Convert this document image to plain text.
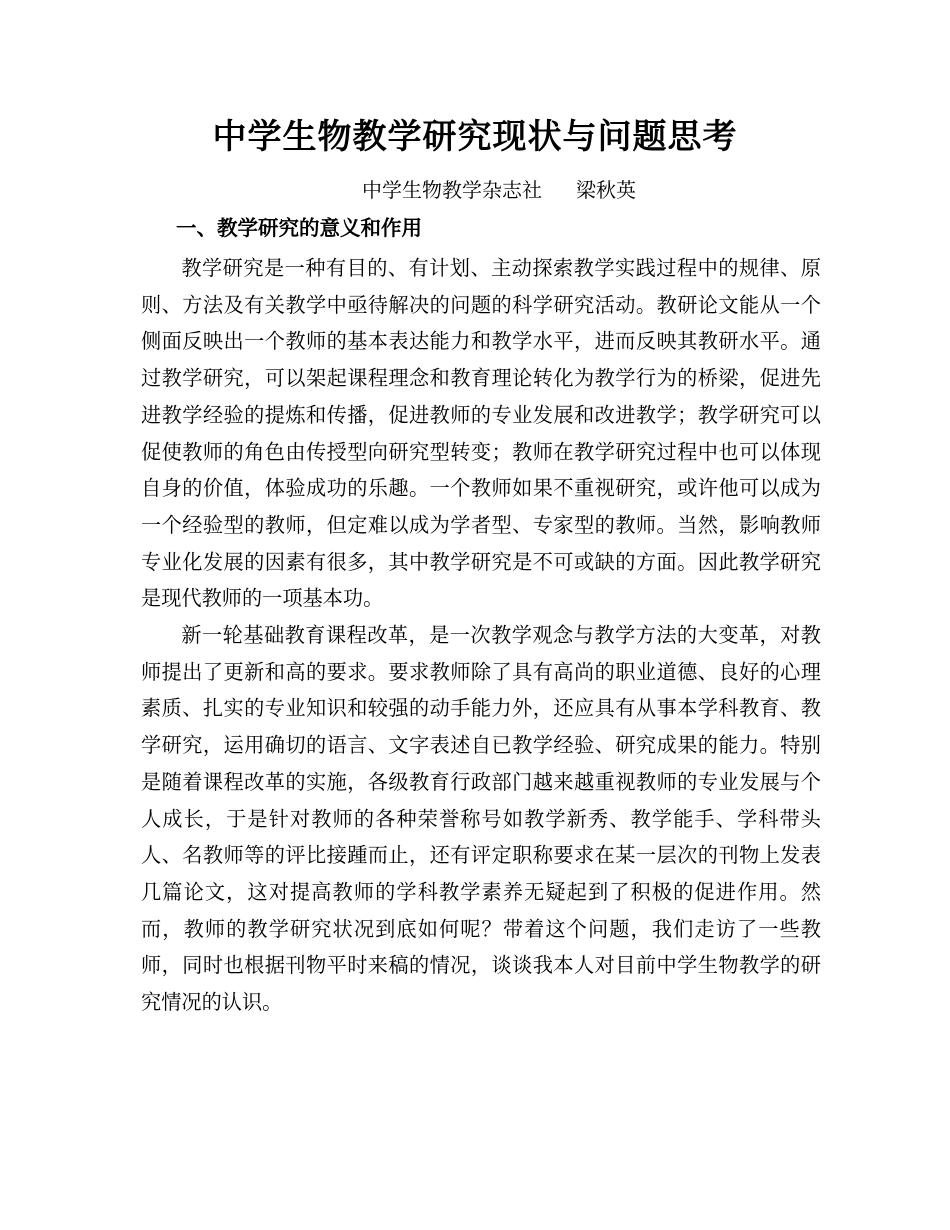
中学生物教学研究现状与问题思考
中学生物教学杂志社 梁秋英
一、教学研究的意义和作用

教学研究是一种有目的、有计划、主动探索教学实践过程中的规律、原则、方法及有关教学中亟待解决的问题的科学研究活动。教研论文能从一个侧面反映出一个教师的基本表达能力和教学水平，进而反映其教研水平。通过教学研究，可以架起课程理念和教育理论转化为教学行为的桥梁，促进先进教学经验的提炼和传播，促进教师的专业发展和改进教学；教学研究可以促使教师的角色由传授型向研究型转变；教师在教学研究过程中也可以体现自身的价值，体验成功的乐趣。一个教师如果不重视研究，或许他可以成为一个经验型的教师，但定难以成为学者型、专家型的教师。当然，影响教师专业化发展的因素有很多，其中教学研究是不可或缺的方面。因此教学研究是现代教师的一项基本功。

新一轮基础教育课程改革，是一次教学观念与教学方法的大变革，对教师提出了更新和高的要求。要求教师除了具有高尚的职业道德、良好的心理素质、扎实的专业知识和较强的动手能力外，还应具有从事本学科教育、教学研究，运用确切的语言、文字表述自已教学经验、研究成果的能力。特别是随着课程改革的实施，各级教育行政部门越来越重视教师的专业发展与个人成长，于是针对教师的各种荣誉称号如教学新秀、教学能手、学科带头人、名教师等的评比接踵而止，还有评定职称要求在某一层次的刊物上发表几篇论文，这对提高教师的学科教学素养无疑起到了积极的促进作用。然而，教师的教学研究状况到底如何呢？带着这个问题，我们走访了一些教师，同时也根据刊物平时来稿的情况，谈谈我本人对目前中学生物教学的研究情况的认识。
